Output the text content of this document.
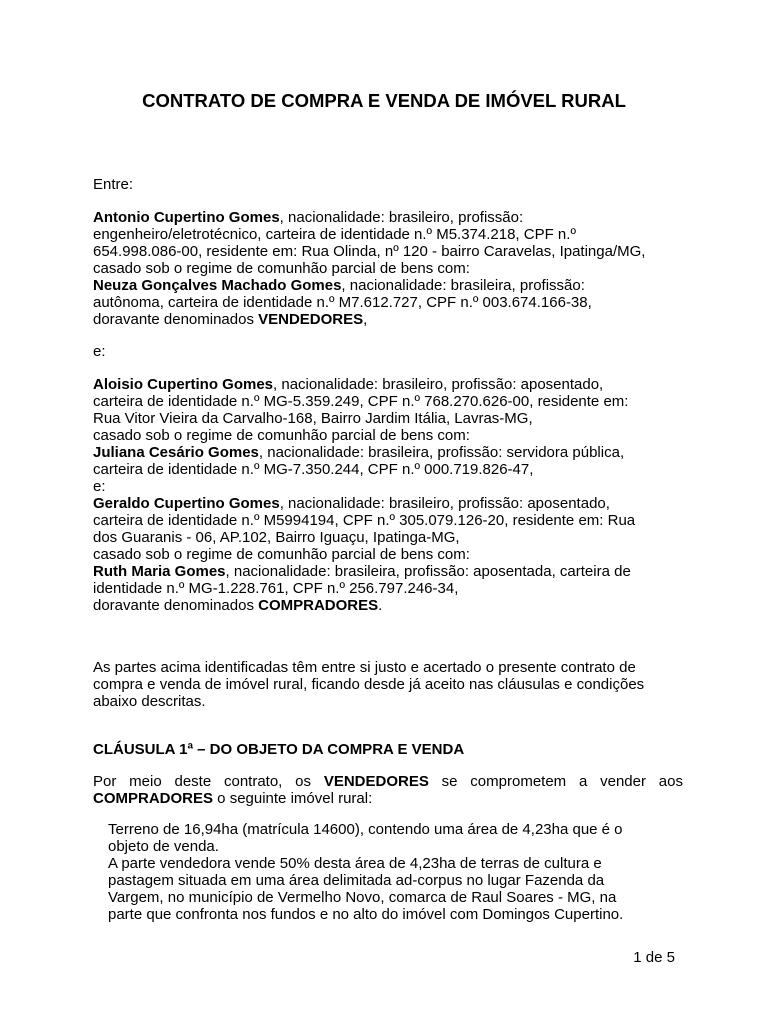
CONTRATO DE COMPRA E VENDA DE IMÓVEL RURAL
Entre:
Antonio Cupertino Gomes, nacionalidade: brasileiro, profissão:
engenheiro/eletrotécnico, carteira de identidade n.º M5.374.218, CPF n.º
654.998.086-00, residente em: Rua Olinda, nº 120 - bairro Caravelas, Ipatinga/MG,
casado sob o regime de comunhão parcial de bens com:
Neuza Gonçalves Machado Gomes, nacionalidade: brasileira, profissão:
autônoma, carteira de identidade n.º M7.612.727, CPF n.º 003.674.166-38,
doravante denominados VENDEDORES,
e:
Aloisio Cupertino Gomes, nacionalidade: brasileiro, profissão: aposentado,
carteira de identidade n.º MG-5.359.249, CPF n.º 768.270.626-00, residente em:
Rua Vitor Vieira da Carvalho-168, Bairro Jardim Itália, Lavras-MG,
casado sob o regime de comunhão parcial de bens com:
Juliana Cesário Gomes, nacionalidade: brasileira, profissão: servidora pública,
carteira de identidade n.º MG-7.350.244, CPF n.º 000.719.826-47,
e:
Geraldo Cupertino Gomes, nacionalidade: brasileiro, profissão: aposentado,
carteira de identidade n.º M5994194, CPF n.º 305.079.126-20, residente em: Rua
dos Guaranis - 06, AP.102, Bairro Iguaçu, Ipatinga-MG,
casado sob o regime de comunhão parcial de bens com:
Ruth Maria Gomes, nacionalidade: brasileira, profissão: aposentada, carteira de
identidade n.º MG-1.228.761, CPF n.º 256.797.246-34,
doravante denominados COMPRADORES.
As partes acima identificadas têm entre si justo e acertado o presente contrato de
compra e venda de imóvel rural, ficando desde já aceito nas cláusulas e condições
abaixo descritas.
CLÁUSULA 1ª – DO OBJETO DA COMPRA E VENDA
Por meio deste contrato, os VENDEDORES se comprometem a vender aos
COMPRADORES o seguinte imóvel rural:
Terreno de 16,94ha (matrícula 14600), contendo uma área de 4,23ha que é o
objeto de venda.
A parte vendedora vende 50% desta área de 4,23ha de terras de cultura e
pastagem situada em uma área delimitada ad-corpus no lugar Fazenda da
Vargem, no município de Vermelho Novo, comarca de Raul Soares - MG, na
parte que confronta nos fundos e no alto do imóvel com Domingos Cupertino.
1 de 5
